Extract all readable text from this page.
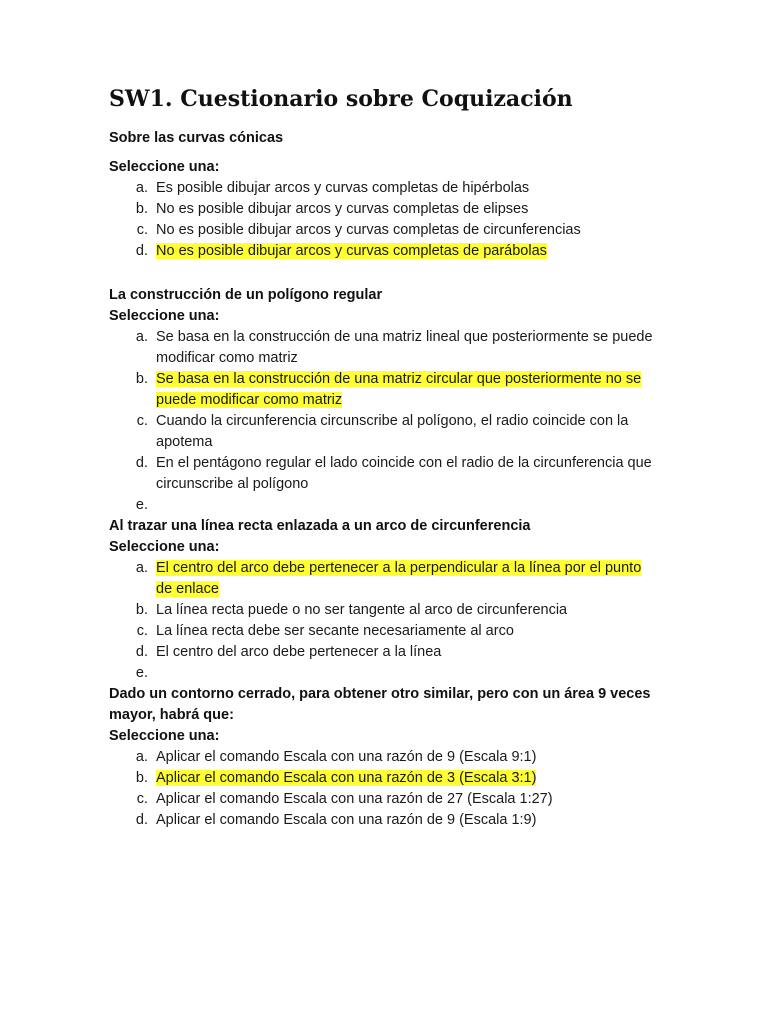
SW1. Cuestionario sobre Coquización

Sobre las curvas cónicas

Seleccione una:

a. Es posible dibujar arcos y curvas completas de hipérbolas
b. No es posible dibujar arcos y curvas completas de elipses
c. No es posible dibujar arcos y curvas completas de circunferencias
d. No es posible dibujar arcos y curvas completas de parábolas

La construcción de un polígono regular

Seleccione una:

a. Se basa en la construcción de una matriz lineal que posteriormente se puede modificar como matriz
b. Se basa en la construcción de una matriz circular que posteriormente no se puede modificar como matriz
c. Cuando la circunferencia circunscribe al polígono, el radio coincide con la apotema
d. En el pentágono regular el lado coincide con el radio de la circunferencia que circunscribe al polígono
e.

Al trazar una línea recta enlazada a un arco de circunferencia

Seleccione una:

a. El centro del arco debe pertenecer a la perpendicular a la línea por el punto de enlace
b. La línea recta puede o no ser tangente al arco de circunferencia
c. La línea recta debe ser secante necesariamente al arco
d. El centro del arco debe pertenecer a la línea
e.

Dado un contorno cerrado, para obtener otro similar, pero con un área 9 veces mayor, habrá que:

Seleccione una:

a. Aplicar el comando Escala con una razón de 9 (Escala 9:1)
b. Aplicar el comando Escala con una razón de 3 (Escala 3:1)
c. Aplicar el comando Escala con una razón de 27 (Escala 1:27)
d. Aplicar el comando Escala con una razón de 9 (Escala 1:9)
